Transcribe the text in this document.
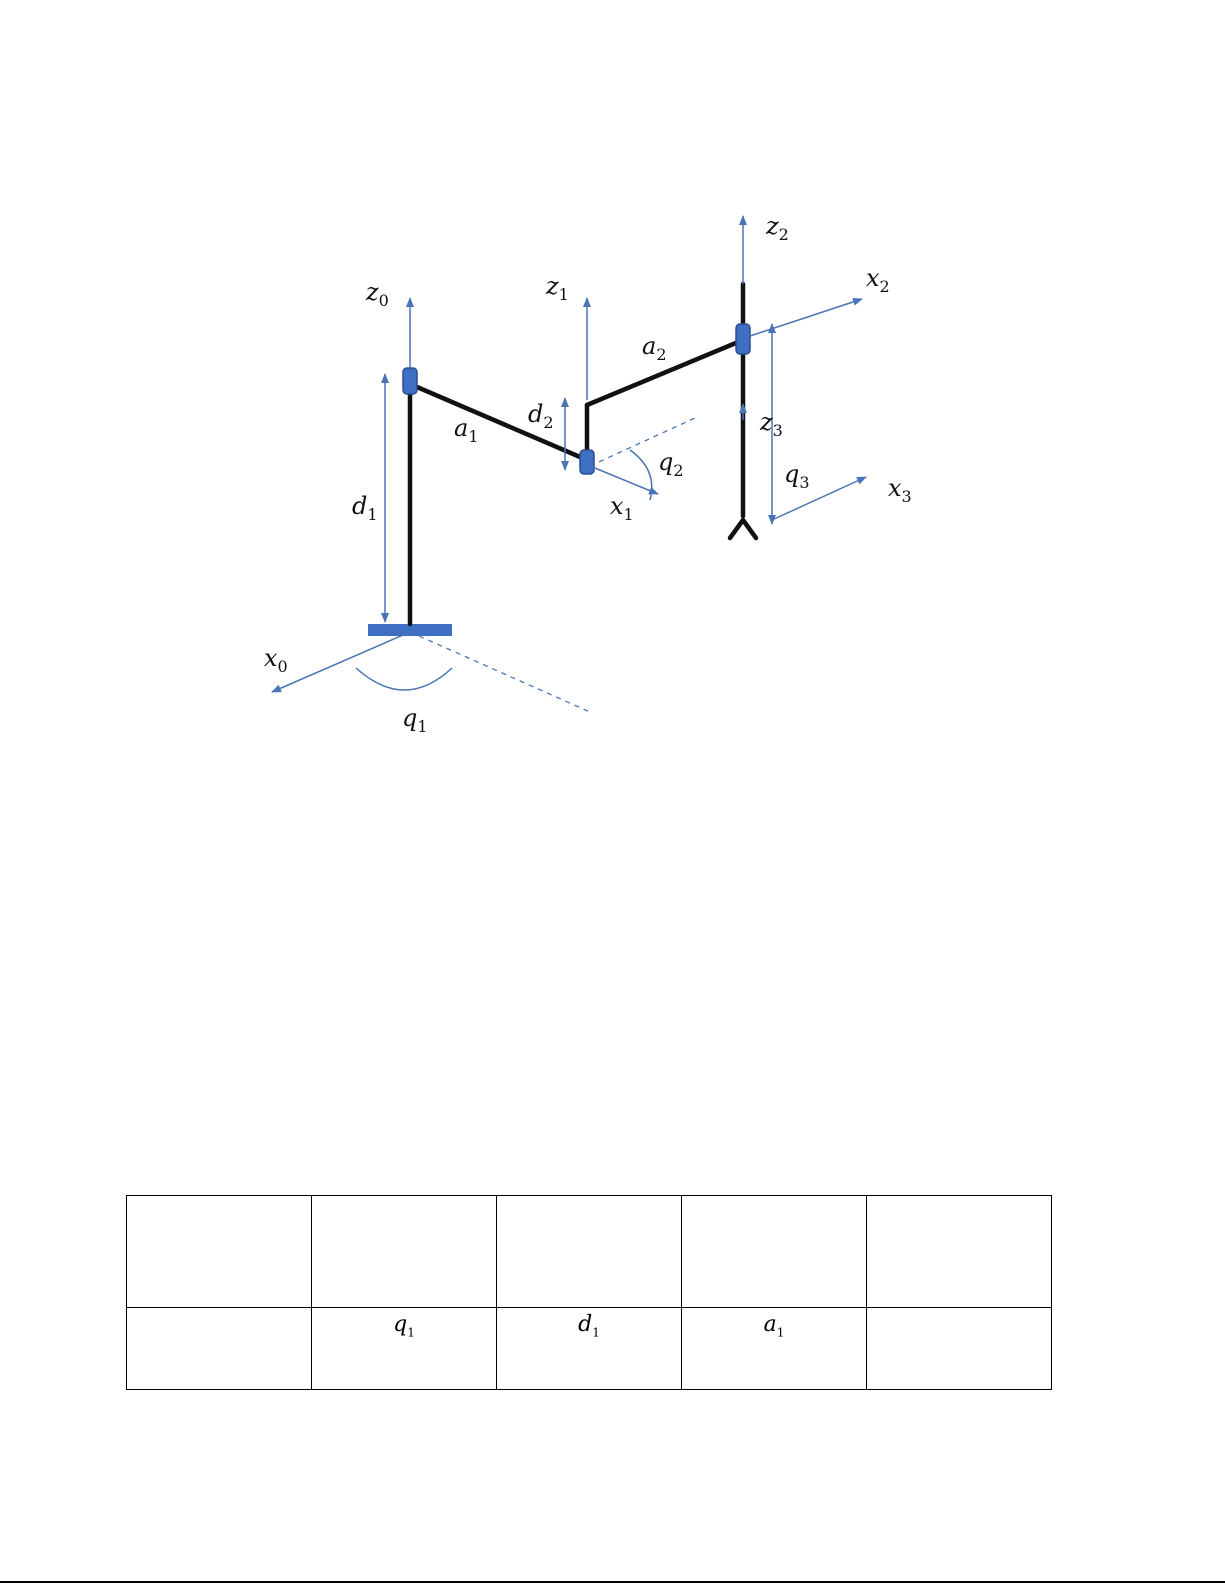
$z_0$
$z_1$
$z_2$
$z_3$
$x_0$
$x_1$
$x_2$
$x_3$
$a_1$
$a_2$
$d_1$
$d_2$
$q_1$
$q_2$	$q_3$

	$q_1$	$d_1$	$a_1$	
